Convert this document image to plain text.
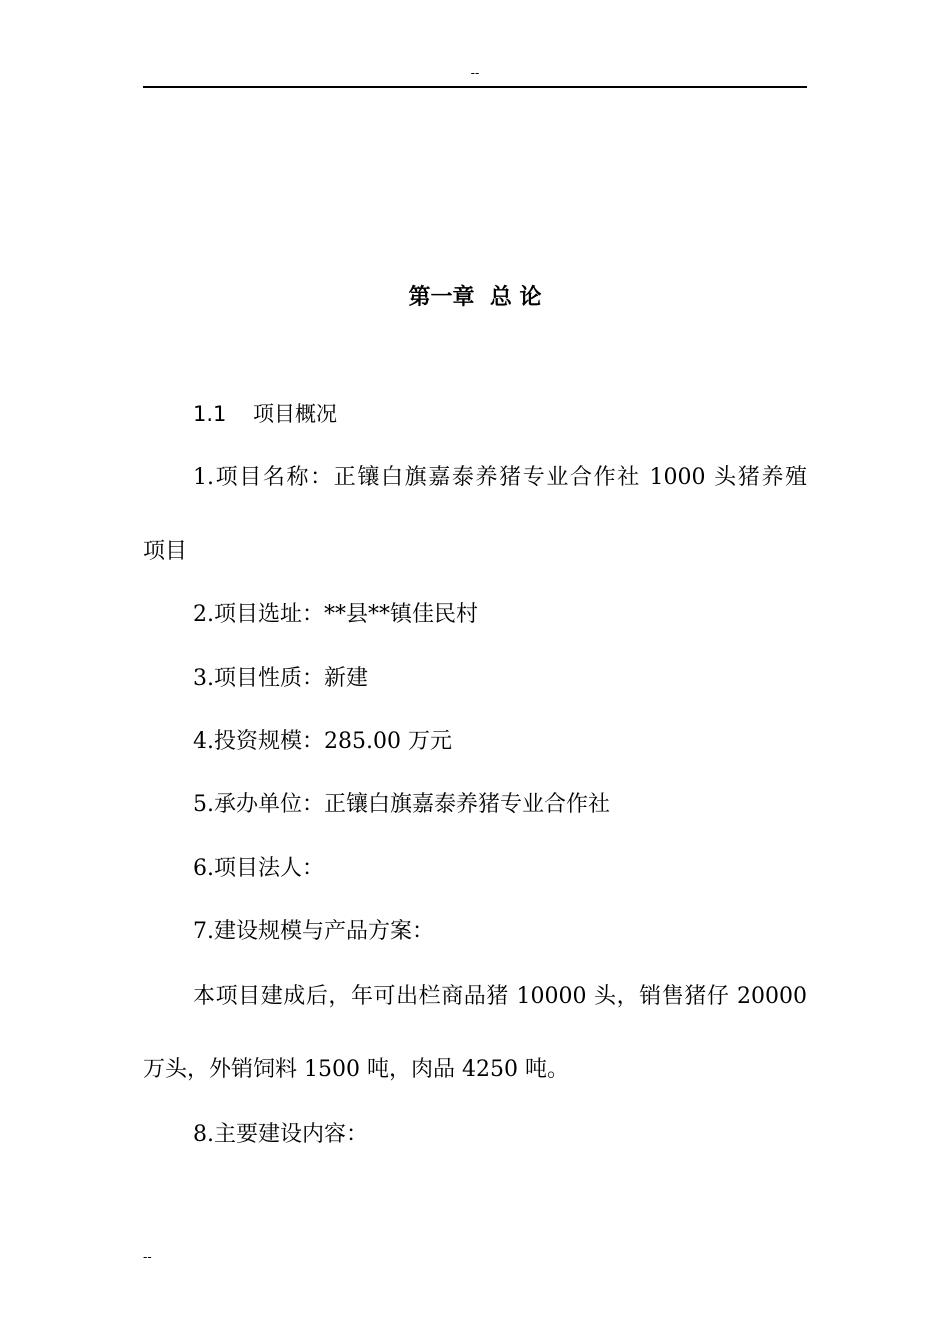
--
第一章  总 论
1.1 项目概况
1.项目名称：正镶白旗嘉泰养猪专业合作社 1000 头猪养殖
项目
2.项目选址：**县**镇佳民村
3.项目性质：新建
4.投资规模：285.00 万元
5.承办单位：正镶白旗嘉泰养猪专业合作社
6.项目法人：
7.建设规模与产品方案：
本项目建成后，年可出栏商品猪 10000 头，销售猪仔 20000
万头，外销饲料 1500 吨，肉品 4250 吨。
8.主要建设内容：
--
